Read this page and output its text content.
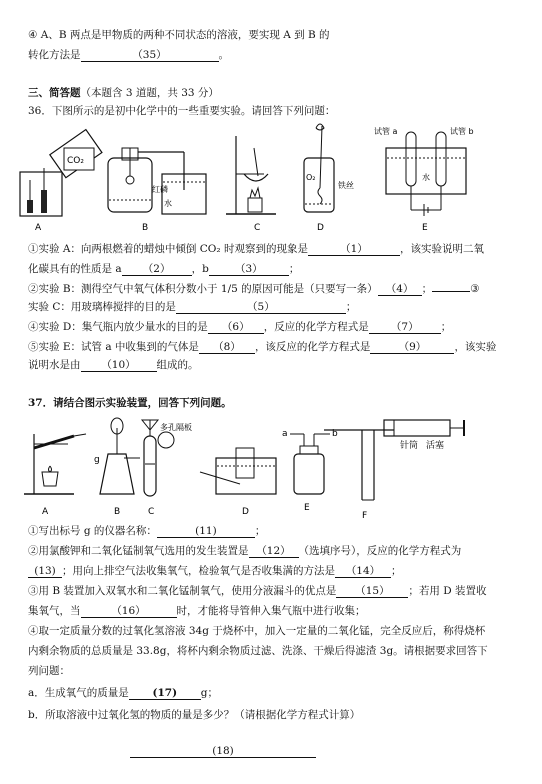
④ A、B 两点是甲物质的两种不同状态的溶液，要实现 A 到 B 的
转化方法是	（35）	。
三、简答题（本题含 3 道题，共 33 分）
36．下图所示的是初中化学中的一些重要实验。请回答下列问题：
CO₂
A
红磷
水
B	C
O₂
铁丝
D
试管 a	试管 b
水
E
①实验 A：向两根燃着的蜡烛中倾倒 CO₂ 时观察到的现象是	（1）	，该实验说明二氧
化碳具有的性质是 a （2） ，b （3） ；
②实验 B：测得空气中氧气体积分数小于 1/5 的原因可能是（只要写一条） （4） ；	③
实验 C：用玻璃棒搅拌的目的是	（5）	；
④实验 D：集气瓶内放少量水的目的是 （6） ，反应的化学方程式是 （7） ；
⑤实验 E：试管 a 中收集到的气体是 （8） ，该反应的化学方程式是	（9）	，该实验
说明水是由 （10） 组成的。
37．请结合图示实验装置，回答下列问题。
A
g
B
多孔隔板
C	D
a	b
E
针筒 活塞
F
①写出标号 g 的仪器名称：	(11)	；
②用氯酸钾和二氧化锰制氧气选用的发生装置是 （12） （选填序号），反应的化学方程式为
(13) ；用向上排空气法收集氧气，检验氧气是否收集满的方法是 （14） ；
③用 B 装置加入双氧水和二氧化锰制氧气，使用分液漏斗的优点是 （15） ；若用 D 装置收
集氧气，当	（16）	时，才能将导管伸入集气瓶中进行收集；
④取一定质量分数的过氧化氢溶液 34g 于烧杯中，加入一定量的二氧化锰，完全反应后，称得烧杯
内剩余物质的总质量是 33.8g，将杯内剩余物质过滤、洗涤、干燥后得滤渣 3g。请根据要求回答下
列问题：
a．生成氧气的质量是 (17) g；
b．所取溶液中过氧化氢的物质的量是多少？（请根据化学方程式计算）
(18)
